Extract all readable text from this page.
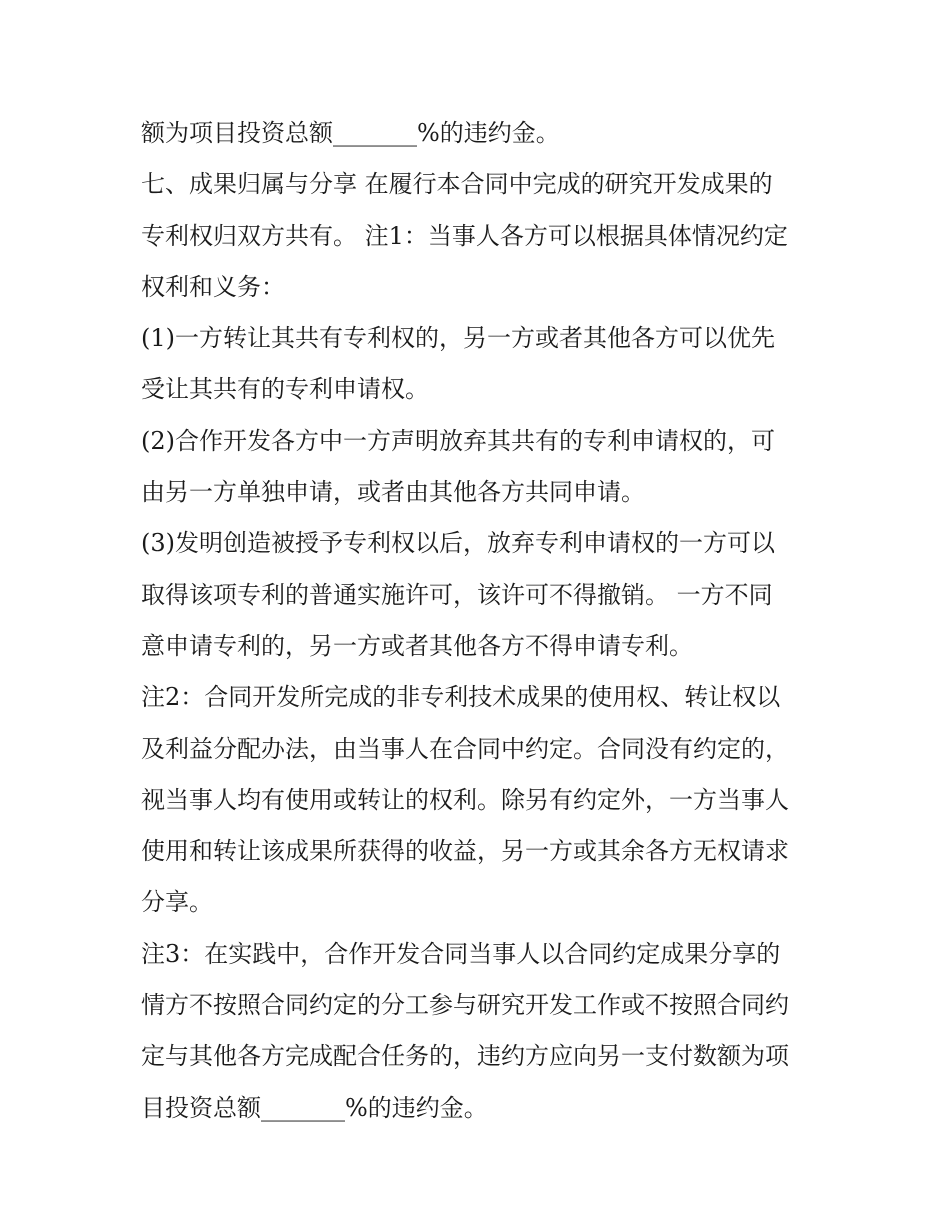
额为项目投资总额_______%的违约金。
七、成果归属与分享 在履行本合同中完成的研究开发成果的
专利权归双方共有。 注1：当事人各方可以根据具体情况约定
权利和义务：
(1)一方转让其共有专利权的，另一方或者其他各方可以优先
受让其共有的专利申请权。
(2)合作开发各方中一方声明放弃其共有的专利申请权的，可
由另一方单独申请，或者由其他各方共同申请。
(3)发明创造被授予专利权以后，放弃专利申请权的一方可以
取得该项专利的普通实施许可，该许可不得撤销。 一方不同
意申请专利的，另一方或者其他各方不得申请专利。
注2：合同开发所完成的非专利技术成果的使用权、转让权以
及利益分配办法，由当事人在合同中约定。合同没有约定的，
视当事人均有使用或转让的权利。除另有约定外，一方当事人
使用和转让该成果所获得的收益，另一方或其余各方无权请求
分享。
注3：在实践中，合作开发合同当事人以合同约定成果分享的
情方不按照合同约定的分工参与研究开发工作或不按照合同约
定与其他各方完成配合任务的，违约方应向另一支付数额为项
目投资总额_______%的违约金。
